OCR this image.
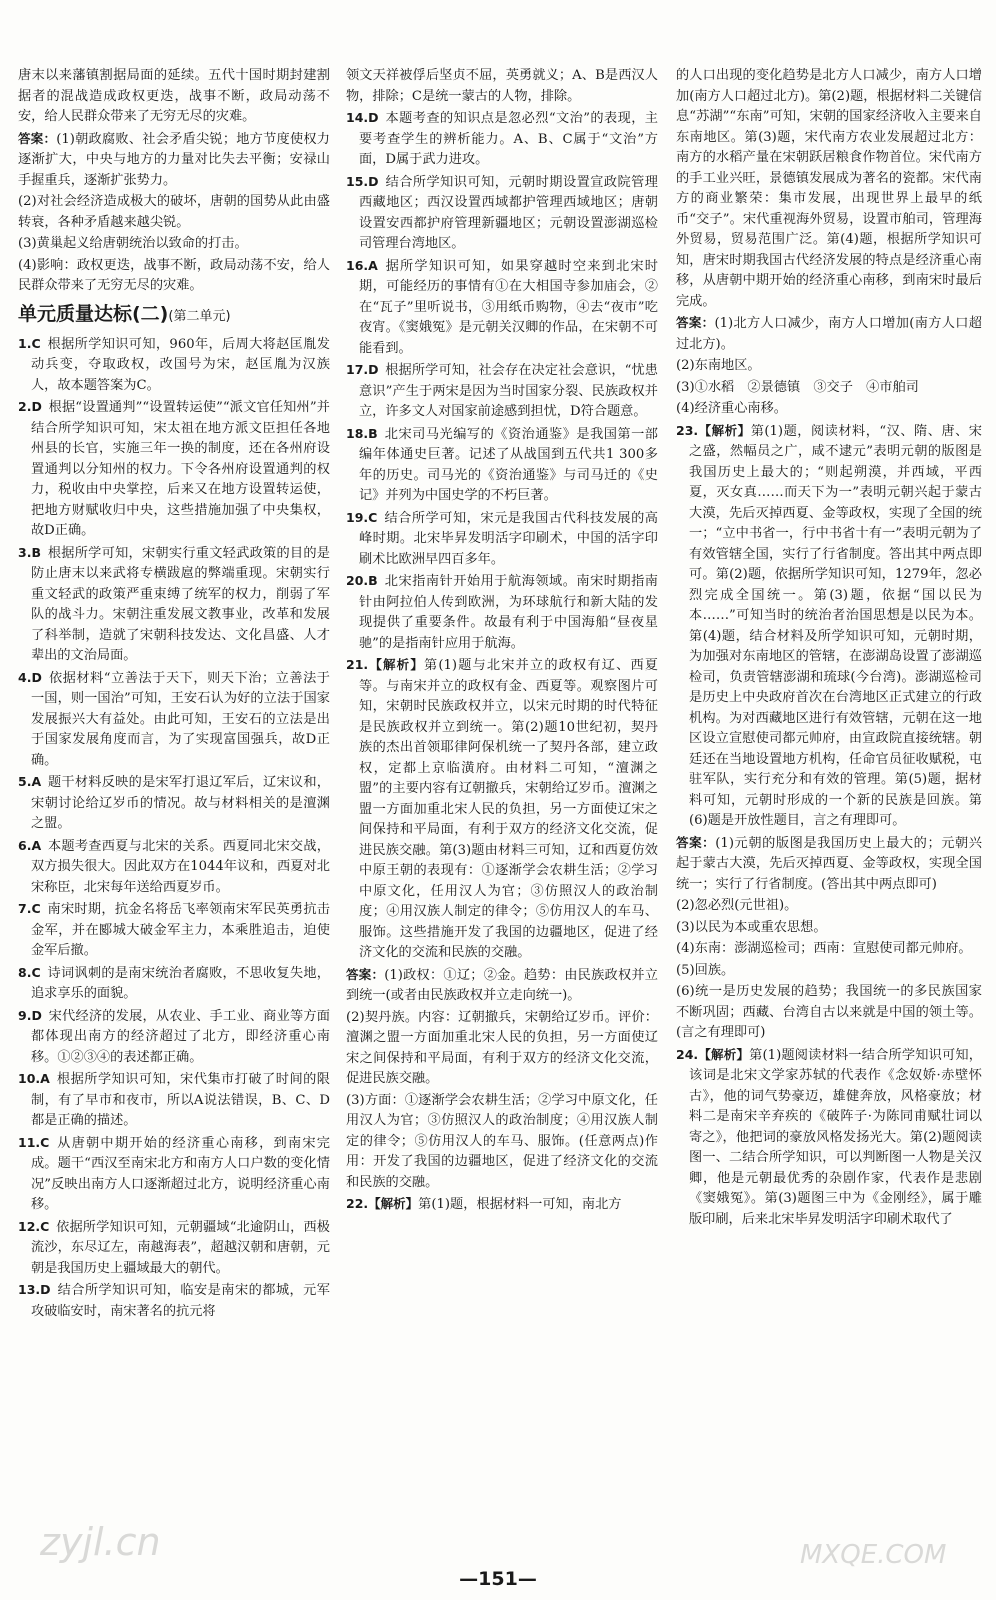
唐末以来藩镇割据局面的延续。五代十国时期封建割据者的混战造成政权更迭，战事不断，政局动荡不安，给人民群众带来了无穷无尽的灾难。

答案：(1)朝政腐败、社会矛盾尖锐；地方节度使权力逐渐扩大，中央与地方的力量对比失去平衡；安禄山手握重兵，逐渐扩张势力。

(2)对社会经济造成极大的破坏，唐朝的国势从此由盛转衰，各种矛盾越来越尖锐。

(3)黄巢起义给唐朝统治以致命的打击。

(4)影响：政权更迭，战事不断，政局动荡不安，给人民群众带来了无穷无尽的灾难。

单元质量达标(二)(第二单元)

1.C  根据所学知识可知，960年，后周大将赵匡胤发动兵变，夺取政权，改国号为宋，赵匡胤为汉族人，故本题答案为C。

2.D  根据“设置通判”“设置转运使”“派文官任知州”并结合所学知识可知，宋太祖在地方派文臣担任各地州县的长官，实施三年一换的制度，还在各州府设置通判以分知州的权力。下令各州府设置通判的权力，税收由中央掌控，后来又在地方设置转运使，把地方财赋收归中央，这些措施加强了中央集权，故D正确。

3.B  根据所学可知，宋朝实行重文轻武政策的目的是防止唐末以来武将专横跋扈的弊端重现。宋朝实行重文轻武的政策严重束缚了统军的权力，削弱了军队的战斗力。宋朝注重发展文教事业，改革和发展了科举制，造就了宋朝科技发达、文化昌盛、人才辈出的文治局面。

4.D  依据材料“立善法于天下，则天下治；立善法于一国，则一国治”可知，王安石认为好的立法于国家发展振兴大有益处。由此可知，王安石的立法是出于国家发展角度而言，为了实现富国强兵，故D正确。

5.A  题干材料反映的是宋军打退辽军后，辽宋议和，宋朝讨论给辽岁币的情况。故与材料相关的是澶渊之盟。

6.A  本题考查西夏与北宋的关系。西夏同北宋交战，双方损失很大。因此双方在1044年议和，西夏对北宋称臣，北宋每年送给西夏岁币。

7.C  南宋时期，抗金名将岳飞率领南宋军民英勇抗击金军，并在郾城大破金军主力，本乘胜追击，迫使金军后撤。

8.C  诗词讽刺的是南宋统治者腐败，不思收复失地，追求享乐的面貌。

9.D  宋代经济的发展，从农业、手工业、商业等方面都体现出南方的经济超过了北方，即经济重心南移。①②③④的表述都正确。

10.A  根据所学知识可知，宋代集市打破了时间的限制，有了早市和夜市，所以A说法错误，B、C、D都是正确的描述。

11.C  从唐朝中期开始的经济重心南移，到南宋完成。题干“西汉至南宋北方和南方人口户数的变化情况”反映出南方人口逐渐超过北方，说明经济重心南移。

12.C  依据所学知识可知，元朝疆域“北逾阴山，西极流沙，东尽辽左，南越海表”，超越汉朝和唐朝，元朝是我国历史上疆域最大的朝代。

13.D  结合所学知识可知，临安是南宋的都城，元军攻破临安时，南宋著名的抗元将

领文天祥被俘后坚贞不屈，英勇就义；A、B是西汉人物，排除；C是统一蒙古的人物，排除。

14.D  本题考查的知识点是忽必烈“文治”的表现，主要考查学生的辨析能力。A、B、C属于“文治”方面，D属于武力进攻。

15.D  结合所学知识可知，元朝时期设置宣政院管理西藏地区；西汉设置西域都护管理西域地区；唐朝设置安西都护府管理新疆地区；元朝设置澎湖巡检司管理台湾地区。

16.A  据所学知识可知，如果穿越时空来到北宋时期，可能经历的事情有①在大相国寺参加庙会，②在“瓦子”里听说书，③用纸币购物，④去“夜市”吃夜宵。《窦娥冤》是元朝关汉卿的作品，在宋朝不可能看到。

17.D  根据所学可知，社会存在决定社会意识，“忧患意识”产生于两宋是因为当时国家分裂、民族政权并立，许多文人对国家前途感到担忧，D符合题意。

18.B  北宋司马光编写的《资治通鉴》是我国第一部编年体通史巨著。记述了从战国到五代共1 300多年的历史。司马光的《资治通鉴》与司马迁的《史记》并列为中国史学的不朽巨著。

19.C  结合所学可知，宋元是我国古代科技发展的高峰时期。北宋毕昇发明活字印刷术，中国的活字印刷术比欧洲早四百多年。

20.B  北宋指南针开始用于航海领域。南宋时期指南针由阿拉伯人传到欧洲，为环球航行和新大陆的发现提供了重要条件。故最有利于中国海船“昼夜星驰”的是指南针应用于航海。

21.【解析】第(1)题与北宋并立的政权有辽、西夏等。与南宋并立的政权有金、西夏等。观察图片可知，宋朝时民族政权并立，以宋元时期的时代特征是民族政权并立到统一。第(2)题10世纪初，契丹族的杰出首领耶律阿保机统一了契丹各部，建立政权，定都上京临潢府。由材料二可知，“澶渊之盟”的主要内容有辽朝撤兵，宋朝给辽岁币。澶渊之盟一方面加重北宋人民的负担，另一方面使辽宋之间保持和平局面，有利于双方的经济文化交流，促进民族交融。第(3)题由材料三可知，辽和西夏仿效中原王朝的表现有：①逐渐学会农耕生活；②学习中原文化，任用汉人为官；③仿照汉人的政治制度；④用汉族人制定的律令；⑤仿用汉人的车马、服饰。这些措施开发了我国的边疆地区，促进了经济文化的交流和民族的交融。

答案：(1)政权：①辽；②金。趋势：由民族政权并立到统一(或者由民族政权并立走向统一)。

(2)契丹族。内容：辽朝撤兵，宋朝给辽岁币。评价：澶渊之盟一方面加重北宋人民的负担，另一方面使辽宋之间保持和平局面，有利于双方的经济文化交流，促进民族交融。

(3)方面：①逐渐学会农耕生活；②学习中原文化，任用汉人为官；③仿照汉人的政治制度；④用汉族人制定的律令；⑤仿用汉人的车马、服饰。(任意两点)作用：开发了我国的边疆地区，促进了经济文化的交流和民族的交融。

22.【解析】第(1)题，根据材料一可知，南北方

的人口出现的变化趋势是北方人口减少，南方人口增加(南方人口超过北方)。第(2)题，根据材料二关键信息“苏湖”“东南”可知，宋朝的国家经济收入主要来自东南地区。第(3)题，宋代南方农业发展超过北方：南方的水稻产量在宋朝跃居粮食作物首位。宋代南方的手工业兴旺，景德镇发展成为著名的瓷都。宋代南方的商业繁荣：集市发展，出现世界上最早的纸币“交子”。宋代重视海外贸易，设置市舶司，管理海外贸易，贸易范围广泛。第(4)题，根据所学知识可知，唐宋时期我国古代经济发展的特点是经济重心南移，从唐朝中期开始的经济重心南移，到南宋时最后完成。

答案：(1)北方人口减少，南方人口增加(南方人口超过北方)。

(2)东南地区。

(3)①水稻　②景德镇　③交子　④市舶司

(4)经济重心南移。

23.【解析】第(1)题，阅读材料，“汉、隋、唐、宋之盛，然幅员之广，咸不逮元”表明元朝的版图是我国历史上最大的；“则起朔漠，并西域，平西夏，灭女真……而天下为一”表明元朝兴起于蒙古大漠，先后灭掉西夏、金等政权，实现了全国的统一；“立中书省一，行中书省十有一”表明元朝为了有效管辖全国，实行了行省制度。答出其中两点即可。第(2)题，依据所学知识可知，1279年，忽必烈完成全国统一。第(3)题，依据“国以民为本……”可知当时的统治者治国思想是以民为本。第(4)题，结合材料及所学知识可知，元朝时期，为加强对东南地区的管辖，在澎湖岛设置了澎湖巡检司，负责管辖澎湖和琉球(今台湾)。澎湖巡检司是历史上中央政府首次在台湾地区正式建立的行政机构。为对西藏地区进行有效管辖，元朝在这一地区设立宣慰使司都元帅府，由宣政院直接统辖。朝廷还在当地设置地方机构，任命官员征收赋税，屯驻军队，实行充分和有效的管理。第(5)题，据材料可知，元朝时形成的一个新的民族是回族。第(6)题是开放性题目，言之有理即可。

答案：(1)元朝的版图是我国历史上最大的；元朝兴起于蒙古大漠，先后灭掉西夏、金等政权，实现全国统一；实行了行省制度。(答出其中两点即可)

(2)忽必烈(元世祖)。

(3)以民为本或重农思想。

(4)东南：澎湖巡检司；西南：宣慰使司都元帅府。

(5)回族。

(6)统一是历史发展的趋势；我国统一的多民族国家不断巩固；西藏、台湾自古以来就是中国的领土等。(言之有理即可)

24.【解析】第(1)题阅读材料一结合所学知识可知，该词是北宋文学家苏轼的代表作《念奴娇·赤壁怀古》，他的词气势豪迈，雄健奔放，风格豪放；材料二是南宋辛弃疾的《破阵子·为陈同甫赋壮词以寄之》，他把词的豪放风格发扬光大。第(2)题阅读图一、二结合所学知识，可以判断图一人物是关汉卿，他是元朝最优秀的杂剧作家，代表作是悲剧《窦娥冤》。第(3)题图三中为《金刚经》，属于雕版印刷，后来北宋毕昇发明活字印刷术取代了

zyjl.cn	MXQE.COM
—151—
